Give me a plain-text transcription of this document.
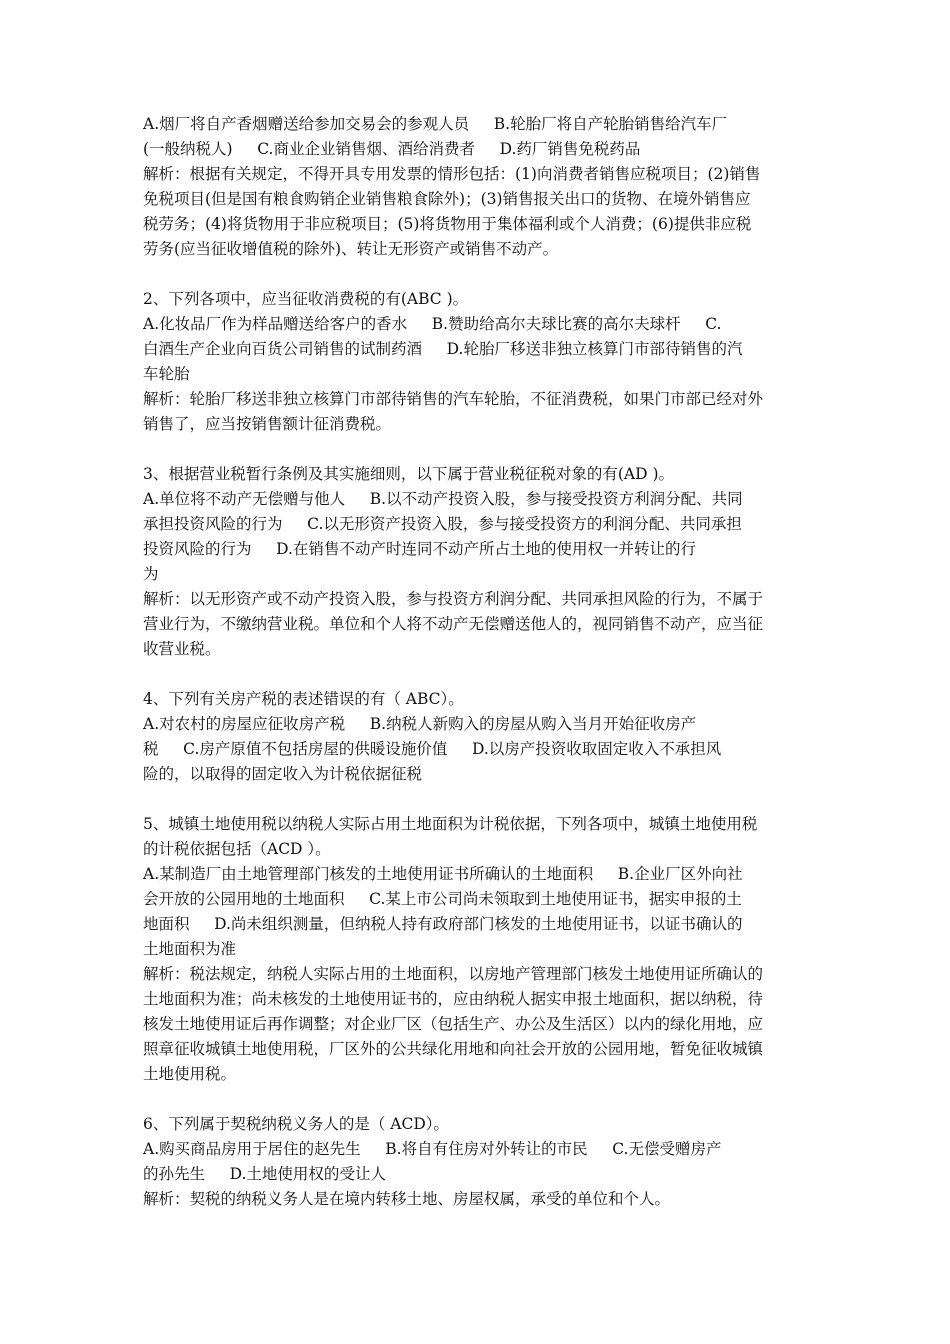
A.烟厂将自产香烟赠送给参加交易会的参观人员     B.轮胎厂将自产轮胎销售给汽车厂
(一般纳税人)     C.商业企业销售烟、酒给消费者     D.药厂销售免税药品
解析：根据有关规定，不得开具专用发票的情形包括：(1)向消费者销售应税项目；(2)销售
免税项目(但是国有粮食购销企业销售粮食除外)；(3)销售报关出口的货物、在境外销售应
税劳务；(4)将货物用于非应税项目；(5)将货物用于集体福利或个人消费；(6)提供非应税
劳务(应当征收增值税的除外)、转让无形资产或销售不动产。
2、下列各项中，应当征收消费税的有(ABC )。
A.化妆品厂作为样品赠送给客户的香水     B.赞助给高尔夫球比赛的高尔夫球杆     C.
白酒生产企业向百货公司销售的试制药酒     D.轮胎厂移送非独立核算门市部待销售的汽
车轮胎
解析：轮胎厂移送非独立核算门市部待销售的汽车轮胎，不征消费税，如果门市部已经对外
销售了，应当按销售额计征消费税。
3、根据营业税暂行条例及其实施细则，以下属于营业税征税对象的有(AD )。
A.单位将不动产无偿赠与他人     B.以不动产投资入股，参与接受投资方利润分配、共同
承担投资风险的行为     C.以无形资产投资入股，参与接受投资方的利润分配、共同承担
投资风险的行为     D.在销售不动产时连同不动产所占土地的使用权一并转让的行
为
解析：以无形资产或不动产投资入股，参与投资方利润分配、共同承担风险的行为，不属于
营业行为，不缴纳营业税。单位和个人将不动产无偿赠送他人的，视同销售不动产，应当征
收营业税。
4、下列有关房产税的表述错误的有（ ABC）。
A.对农村的房屋应征收房产税     B.纳税人新购入的房屋从购入当月开始征收房产
税     C.房产原值不包括房屋的供暖设施价值     D.以房产投资收取固定收入不承担风
险的，以取得的固定收入为计税依据征税
5、城镇土地使用税以纳税人实际占用土地面积为计税依据，下列各项中，城镇土地使用税
的计税依据包括（ACD ）。
A.某制造厂由土地管理部门核发的土地使用证书所确认的土地面积     B.企业厂区外向社
会开放的公园用地的土地面积     C.某上市公司尚未领取到土地使用证书，据实申报的土
地面积     D.尚未组织测量，但纳税人持有政府部门核发的土地使用证书，以证书确认的
土地面积为准
解析：税法规定，纳税人实际占用的土地面积，以房地产管理部门核发土地使用证所确认的
土地面积为准；尚未核发的土地使用证书的，应由纳税人据实申报土地面积，据以纳税，待
核发土地使用证后再作调整；对企业厂区（包括生产、办公及生活区）以内的绿化用地，应
照章征收城镇土地使用税，厂区外的公共绿化用地和向社会开放的公园用地，暂免征收城镇
土地使用税。
6、下列属于契税纳税义务人的是（ ACD）。
A.购买商品房用于居住的赵先生     B.将自有住房对外转让的市民     C.无偿受赠房产
的孙先生     D.土地使用权的受让人
解析：契税的纳税义务人是在境内转移土地、房屋权属，承受的单位和个人。
